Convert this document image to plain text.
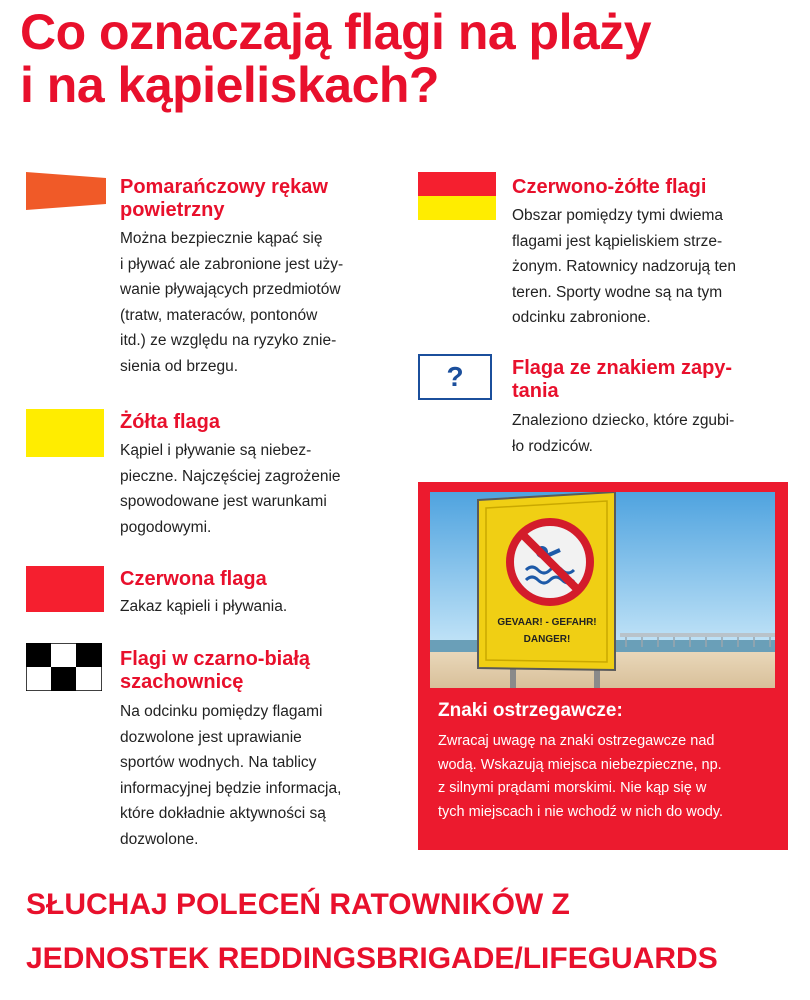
Co oznaczają flagi na plaży
i na kąpieliskach?
Pomarańczowy rękaw
powietrzny
Można bezpiecznie kąpać się
i pływać ale zabronione jest uży-
wanie pływających przedmiotów
(tratw, materaców, pontonów
itd.) ze względu na ryzyko znie-
sienia od brzegu.
Żółta flaga
Kąpiel i pływanie są niebez-
pieczne. Najczęściej zagrożenie
spowodowane jest warunkami
pogodowymi.
Czerwona flaga
Zakaz kąpieli i pływania.
Flagi w czarno-białą
szachownicę
Na odcinku pomiędzy flagami
dozwolone jest uprawianie
sportów wodnych. Na tablicy
informacyjnej będzie informacja,
które dokładnie aktywności są
dozwolone.
Czerwono-żółte flagi
Obszar pomiędzy tymi dwiema
flagami jest kąpieliskiem strze-
żonym. Ratownicy nadzorują ten
teren. Sporty wodne są na tym
odcinku zabronione.
?	Flaga ze znakiem zapy-
tania
Znaleziono dziecko, które zgubi-
ło rodziców.
GEVAAR! - GEFAHR!
DANGER!
Znaki ostrzegawcze:
Zwracaj uwagę na znaki ostrzegawcze nad
wodą. Wskazują miejsca niebezpieczne, np.
z silnymi prądami morskimi. Nie kąp się w
tych miejscach i nie wchodź w nich do wody.
SŁUCHAJ POLECEŃ RATOWNIKÓW Z
JEDNOSTEK REDDINGSBRIGADE/LIFEGUARDS
